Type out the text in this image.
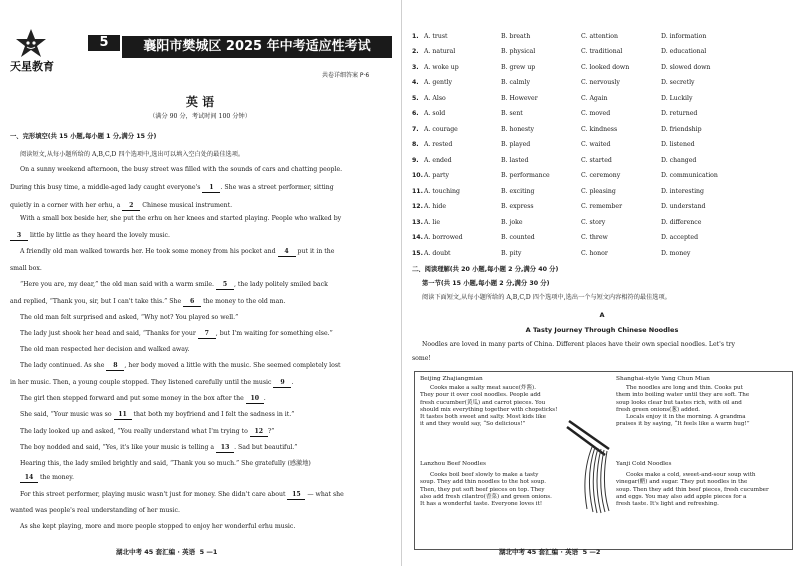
天星教育
5	襄阳市樊城区 2025 年中考适应性考试
共卷详细答案 P·6
英 语
（满分 90 分，考试时间 100 分钟）
一、完形填空(共 15 小题,每小题 1 分,满分 15 分)
阅读短文,从每小题所给的 A,B,C,D 四个选项中,选出可以填入空白处的最佳选项。
On a sunny weekend afternoon, the busy street was filled with the sounds of cars and chatting people.
During this busy time, a middle-aged lady caught everyone's 1 . She was a street performer, sitting
quietly in a corner with her erhu, a 2 Chinese musical instrument.
With a small box beside her, she put the erhu on her knees and started playing. People who walked by
3 little by little as they heard the lovely music.
A friendly old man walked towards her. He took some money from his pocket and 4 put it in the
small box.
“Here you are, my dear,” the old man said with a warm smile. 5 , the lady politely smiled back
and replied, “Thank you, sir, but I can't take this.” She 6 the money to the old man.
The old man felt surprised and asked, “Why not? You played so well.”
The lady just shook her head and said, “Thanks for your 7 , but I'm waiting for something else.”
The old man respected her decision and walked away.
The lady continued. As she 8 , her body moved a little with the music. She seemed completely lost
in her music. Then, a young couple stopped. They listened carefully until the music 9 .
The girl then stepped forward and put some money in the box after the 10 .
She said, “Your music was so 11 that both my boyfriend and I felt the sadness in it.”
The lady looked up and asked, “You really understand what I'm trying to 12 ?”
The boy nodded and said, “Yes, it's like your music is telling a 13 . Sad but beautiful.”
Hearing this, the lady smiled brightly and said, “Thank you so much.” She gratefully (感激地)
14 the money.
For this street performer, playing music wasn't just for money. She didn't care about 15 — what she
wanted was people's real understanding of her music.
As she kept playing, more and more people stopped to enjoy her wonderful erhu music.
湖北中考 45 套汇编 · 英语 5 —1
1. A. trust	B. breath	C. attention	D. information
2. A. natural	B. physical	C. traditional	D. educational
3. A. woke up	B. grew up	C. looked down	D. slowed down
4. A. gently	B. calmly	C. nervously	D. secretly
5. A. Also	B. However	C. Again	D. Luckily
6. A. sold	B. sent	C. moved	D. returned
7. A. courage	B. honesty	C. kindness	D. friendship
8. A. rested	B. played	C. waited	D. listened
9. A. ended	B. lasted	C. started	D. changed
10. A. party	B. performance	C. ceremony	D. communication
11. A. touching	B. exciting	C. pleasing	D. interesting
12. A. hide	B. express	C. remember	D. understand
13. A. lie	B. joke	C. story	D. difference
14. A. borrowed	B. counted	C. threw	D. accepted
15. A. doubt	B. pity	C. honor	D. money
二、阅读理解(共 20 小题,每小题 2 分,满分 40 分)
第一节(共 15 小题,每小题 2 分,满分 30 分)
阅读下面短文,从每小题所给的 A,B,C,D 四个选项中,选出一个与短文内容相符的最佳选项。
A
A Tasty Journey Through Chinese Noodles
Noodles are loved in many parts of China. Different places have their own special noodles. Let's try
some!
Beijing Zhajiangmian
Cooks make a salty meat sauce(炸酱).
They pour it over cool noodles. People add
fresh cucumber(黄瓜) and carrot pieces. You
should mix everything together with chopsticks!
It tastes both sweet and salty. Most kids like
it and they would say, “So delicious!”
Shanghai-style Yang Chun Mian
The noodles are long and thin. Cooks put
them into boiling water until they are soft. The
soup looks clear but tastes rich, with oil and
fresh green onions(葱) added.
Locals enjoy it in the morning. A grandma
praises it by saying, “It feels like a warm hug!”
Lanzhou Beef Noodles
Cooks boil beef slowly to make a tasty
soup. They add thin noodles to the hot soup.
Then, they put soft beef pieces on top. They
also add fresh cilantro(香菜) and green onions.
It has a wonderful taste. Everyone loves it!
Yanji Cold Noodles
Cooks make a cold, sweet-and-sour soup with
vinegar(醋) and sugar. They put noodles in the
soup. Then they add thin beef pieces, fresh cucumber
and eggs. You may also add apple pieces for a
fresh taste. It's light and refreshing.
湖北中考 45 套汇编 · 英语 5 —2
